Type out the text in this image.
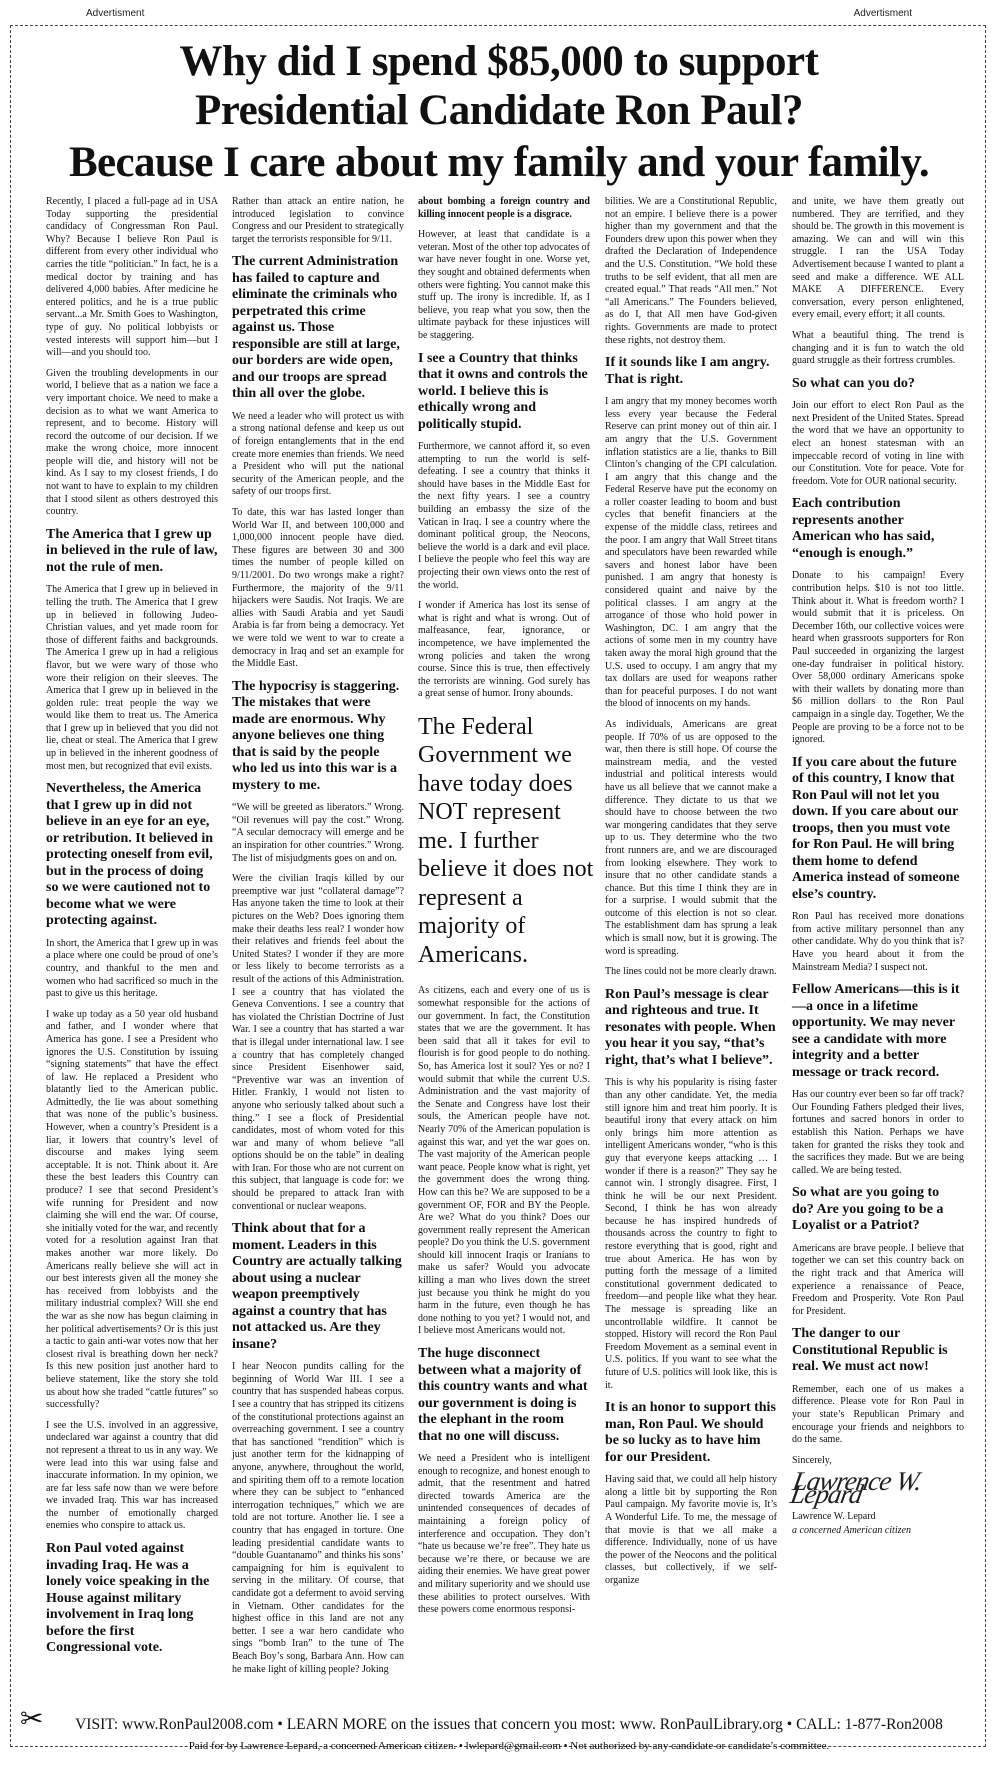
Advertisment	Advertisment
Why did I spend $85,000 to support
Presidential Candidate Ron Paul?
Because I care about my family and your family.

Recently, I placed a full-page ad in USA Today supporting the presidential candidacy of Congressman Ron Paul. Why? Because I believe Ron Paul is different from every other individual who carries the title “politician.” In fact, he is a medical doctor by training and has delivered 4,000 babies. After medicine he entered politics, and he is a true public servant...a Mr. Smith Goes to Washington, type of guy. No political lobbyists or vested interests will support him—but I will—and you should too.

Given the troubling developments in our world, I believe that as a nation we face a very important choice. We need to make a decision as to what we want America to represent, and to become. History will record the outcome of our decision. If we make the wrong choice, more innocent people will die, and history will not be kind. As I say to my closest friends, I do not want to have to explain to my children that I stood silent as others destroyed this country.

The America that I grew up in believed in the rule of law, not the rule of men.

The America that I grew up in believed in telling the truth. The America that I grew up in believed in following Judeo-Christian values, and yet made room for those of different faiths and backgrounds. The America I grew up in had a religious flavor, but we were wary of those who wore their religion on their sleeves. The America that I grew up in believed in the golden rule: treat people the way we would like them to treat us. The America that I grew up in believed that you did not lie, cheat or steal. The America that I grew up in believed in the inherent goodness of most men, but recognized that evil exists.

Nevertheless, the America that I grew up in did not believe in an eye for an eye, or retribution. It believed in protecting oneself from evil, but in the process of doing so we were cautioned not to become what we were protecting against.

In short, the America that I grew up in was a place where one could be proud of one’s country, and thankful to the men and women who had sacrificed so much in the past to give us this heritage.

I wake up today as a 50 year old husband and father, and I wonder where that America has gone. I see a President who ignores the U.S. Constitution by issuing “signing statements” that have the effect of law. He replaced a President who blatantly lied to the American public. Admittedly, the lie was about something that was none of the public’s business. However, when a country’s President is a liar, it lowers that country’s level of discourse and makes lying seem acceptable. It is not. Think about it. Are these the best leaders this Country can produce? I see that second President’s wife running for President and now claiming she will end the war. Of course, she initially voted for the war, and recently voted for a resolution against Iran that makes another war more likely. Do Americans really believe she will act in our best interests given all the money she has received from lobbyists and the military industrial complex? Will she end the war as she now has begun claiming in her political advertisements? Or is this just a tactic to gain anti-war votes now that her closest rival is breathing down her neck? Is this new position just another hard to believe statement, like the story she told us about how she traded “cattle futures” so successfully?

I see the U.S. involved in an aggressive, undeclared war against a country that did not represent a threat to us in any way. We were lead into this war using false and inaccurate information. In my opinion, we are far less safe now than we were before we invaded Iraq. This war has increased the number of emotionally charged enemies who conspire to attack us.

Ron Paul voted against invading Iraq. He was a lonely voice speaking in the House against military involvement in Iraq long before the first Congressional vote.

Rather than attack an entire nation, he introduced legislation to convince Congress and our President to strategically target the terrorists responsible for 9/11.

The current Administration has failed to capture and eliminate the criminals who perpetrated this crime against us. Those responsible are still at large, our borders are wide open, and our troops are spread thin all over the globe.

We need a leader who will protect us with a strong national defense and keep us out of foreign entanglements that in the end create more enemies than friends. We need a President who will put the national security of the American people, and the safety of our troops first.

To date, this war has lasted longer than World War II, and between 100,000 and 1,000,000 innocent people have died. These figures are between 30 and 300 times the number of people killed on 9/11/2001. Do two wrongs make a right? Furthermore, the majority of the 9/11 hijackers were Saudis. Not Iraqis. We are allies with Saudi Arabia and yet Saudi Arabia is far from being a democracy. Yet we were told we went to war to create a democracy in Iraq and set an example for the Middle East.

The hypocrisy is staggering. The mistakes that were made are enormous. Why anyone believes one thing that is said by the people who led us into this war is a mystery to me.

“We will be greeted as liberators.” Wrong. “Oil revenues will pay the cost.” Wrong. “A secular democracy will emerge and be an inspiration for other countries.” Wrong. The list of misjudgments goes on and on.

Were the civilian Iraqis killed by our preemptive war just “collateral damage”? Has anyone taken the time to look at their pictures on the Web? Does ignoring them make their deaths less real? I wonder how their relatives and friends feel about the United States? I wonder if they are more or less likely to become terrorists as a result of the actions of this Administration. I see a country that has violated the Geneva Conventions. I see a country that has violated the Christian Doctrine of Just War. I see a country that has started a war that is illegal under international law. I see a country that has completely changed since President Eisenhower said, “Preventive war was an invention of Hitler. Frankly, I would not listen to anyone who seriously talked about such a thing.” I see a flock of Presidential candidates, most of whom voted for this war and many of whom believe “all options should be on the table” in dealing with Iran. For those who are not current on this subject, that language is code for: we should be prepared to attack Iran with conventional or nuclear weapons.

Think about that for a moment. Leaders in this Country are actually talking about using a nuclear weapon preemptively against a country that has not attacked us. Are they insane?

I hear Neocon pundits calling for the beginning of World War III. I see a country that has suspended habeas corpus. I see a country that has stripped its citizens of the constitutional protections against an overreaching government. I see a country that has sanctioned “rendition” which is just another term for the kidnapping of anyone, anywhere, throughout the world, and spiriting them off to a remote location where they can be subject to “enhanced interrogation techniques,” which we are told are not torture. Another lie. I see a country that has engaged in torture. One leading presidential candidate wants to “double Guantanamo” and thinks his sons’ campaigning for him is equivalent to serving in the military. Of course, that candidate got a deferment to avoid serving in Vietnam. Other candidates for the highest office in this land are not any better. I see a war hero candidate who sings “bomb Iran” to the tune of The Beach Boy’s song, Barbara Ann. How can he make light of killing people? Joking

about bombing a foreign country and killing innocent people is a disgrace.

However, at least that candidate is a veteran. Most of the other top advocates of war have never fought in one. Worse yet, they sought and obtained deferments when others were fighting. You cannot make this stuff up. The irony is incredible. If, as I believe, you reap what you sow, then the ultimate payback for these injustices will be staggering.

I see a Country that thinks that it owns and controls the world. I believe this is ethically wrong and politically stupid.

Furthermore, we cannot afford it, so even attempting to run the world is self-defeating. I see a country that thinks it should have bases in the Middle East for the next fifty years. I see a country building an embassy the size of the Vatican in Iraq. I see a country where the dominant political group, the Neocons, believe the world is a dark and evil place. I believe the people who feel this way are projecting their own views onto the rest of the world.

I wonder if America has lost its sense of what is right and what is wrong. Out of malfeasance, fear, ignorance, or incompetence, we have implemented the wrong policies and taken the wrong course. Since this is true, then effectively the terrorists are winning. God surely has a great sense of humor. Irony abounds.

The Federal Government we have today does NOT represent me. I further believe it does not represent a majority of Americans.

As citizens, each and every one of us is somewhat responsible for the actions of our government. In fact, the Constitution states that we are the government. It has been said that all it takes for evil to flourish is for good people to do nothing. So, has America lost it soul? Yes or no? I would submit that while the current U.S. Administration and the vast majority of the Senate and Congress have lost their souls, the American people have not. Nearly 70% of the American population is against this war, and yet the war goes on. The vast majority of the American people want peace. People know what is right, yet the government does the wrong thing. How can this be? We are supposed to be a government OF, FOR and BY the People. Are we? What do you think? Does our government really represent the American people? Do you think the U.S. government should kill innocent Iraqis or Iranians to make us safer? Would you advocate killing a man who lives down the street just because you think he might do you harm in the future, even though he has done nothing to you yet? I would not, and I believe most Americans would not.

The huge disconnect between what a majority of this country wants and what our government is doing is the elephant in the room that no one will discuss.

We need a President who is intelligent enough to recognize, and honest enough to admit, that the resentment and hatred directed towards America are the unintended consequences of decades of maintaining a foreign policy of interference and occupation. They don’t “hate us because we’re free”. They hate us because we’re there, or because we are aiding their enemies. We have great power and military superiority and we should use these abilities to protect ourselves. With these powers come enormous responsi-

bilities. We are a Constitutional Republic, not an empire. I believe there is a power higher than my government and that the Founders drew upon this power when they drafted the Declaration of Independence and the U.S. Constitution. “We hold these truths to be self evident, that all men are created equal.” That reads “All men.” Not “all Americans.” The Founders believed, as do I, that All men have God-given rights. Governments are made to protect these rights, not destroy them.

If it sounds like I am angry. That is right.

I am angry that my money becomes worth less every year because the Federal Reserve can print money out of thin air. I am angry that the U.S. Government inflation statistics are a lie, thanks to Bill Clinton’s changing of the CPI calculation. I am angry that this change and the Federal Reserve have put the economy on a roller coaster leading to boom and bust cycles that benefit financiers at the expense of the middle class, retirees and the poor. I am angry that Wall Street titans and speculators have been rewarded while savers and honest labor have been punished. I am angry that honesty is considered quaint and naive by the political classes. I am angry at the arrogance of those who hold power in Washington, DC. I am angry that the actions of some men in my country have taken away the moral high ground that the U.S. used to occupy. I am angry that my tax dollars are used for weapons rather than for peaceful purposes. I do not want the blood of innocents on my hands.

As individuals, Americans are great people. If 70% of us are opposed to the war, then there is still hope. Of course the mainstream media, and the vested industrial and political interests would have us all believe that we cannot make a difference. They dictate to us that we should have to choose between the two war mongering candidates that they serve up to us. They determine who the two front runners are, and we are discouraged from looking elsewhere. They work to insure that no other candidate stands a chance. But this time I think they are in for a surprise. I would submit that the outcome of this election is not so clear. The establishment dam has sprung a leak which is small now, but it is growing. The word is spreading.

The lines could not be more clearly drawn.

Ron Paul’s message is clear and righteous and true. It resonates with people. When you hear it you say, “that’s right, that’s what I believe”.

This is why his popularity is rising faster than any other candidate. Yet, the media still ignore him and treat him poorly. It is beautiful irony that every attack on him only brings him more attention as intelligent Americans wonder, “who is this guy that everyone keeps attacking … I wonder if there is a reason?” They say he cannot win. I strongly disagree. First, I think he will be our next President. Second, I think he has won already because he has inspired hundreds of thousands across the country to fight to restore everything that is good, right and true about America. He has won by putting forth the message of a limited constitutional government dedicated to freedom—and people like what they hear. The message is spreading like an uncontrollable wildfire. It cannot be stopped. History will record the Ron Paul Freedom Movement as a seminal event in U.S. politics. If you want to see what the future of U.S. politics will look like, this is it.

It is an honor to support this man, Ron Paul. We should be so lucky as to have him for our President.

Having said that, we could all help history along a little bit by supporting the Ron Paul campaign. My favorite movie is, It’s A Wonderful Life. To me, the message of that movie is that we all make a difference. Individually, none of us have the power of the Neocons and the political classes, but collectively, if we self-organize

and unite, we have them greatly out numbered. They are terrified, and they should be. The growth in this movement is amazing. We can and will win this struggle. I ran the USA Today Advertisement because I wanted to plant a seed and make a difference. WE ALL MAKE A DIFFERENCE. Every conversation, every person enlightened, every email, every effort; it all counts.

What a beautiful thing. The trend is changing and it is fun to watch the old guard struggle as their fortress crumbles.

So what can you do?

Join our effort to elect Ron Paul as the next President of the United States. Spread the word that we have an opportunity to elect an honest statesman with an impeccable record of voting in line with our Constitution. Vote for peace. Vote for freedom. Vote for OUR national security.

Each contribution represents another American who has said, “enough is enough.”

Donate to his campaign! Every contribution helps. $10 is not too little. Think about it. What is freedom worth? I would submit that it is priceless. On December 16th, our collective voices were heard when grassroots supporters for Ron Paul succeeded in organizing the largest one-day fundraiser in political history. Over 58,000 ordinary Americans spoke with their wallets by donating more than $6 million dollars to the Ron Paul campaign in a single day. Together, We the People are proving to be a force not to be ignored.

If you care about the future of this country, I know that Ron Paul will not let you down. If you care about our troops, then you must vote for Ron Paul. He will bring them home to defend America instead of someone else’s country.

Ron Paul has received more donations from active military personnel than any other candidate. Why do you think that is? Have you heard about it from the Mainstream Media? I suspect not.

Fellow Americans—this is it—a once in a lifetime opportunity. We may never see a candidate with more integrity and a better message or track record.

Has our country ever been so far off track? Our Founding Fathers pledged their lives, fortunes and sacred honors in order to establish this Nation. Perhaps we have taken for granted the risks they took and the sacrifices they made. But we are being called. We are being tested.

So what are you going to do? Are you going to be a Loyalist or a Patriot?

Americans are brave people. I believe that together we can set this country back on the right track and that America will experience a renaissance of Peace, Freedom and Prosperity. Vote Ron Paul for President.

The danger to our Constitutional Republic is real. We must act now!

Remember, each one of us makes a difference. Please vote for Ron Paul in your state’s Republican Primary and encourage your friends and neighbors to do the same.

Sincerely,

Lawrence W. Lepard

Lawrence W. Lepard

a concerned American citizen

✂	VISIT: www.RonPaul2008.com • LEARN MORE on the issues that concern you most: www. RonPaulLibrary.org • CALL: 1-877-Ron2008
Paid for by Lawrence Lepard, a concerned American citizen. • lwlepard@gmail.com • Not authorized by any candidate or candidate’s committee.
